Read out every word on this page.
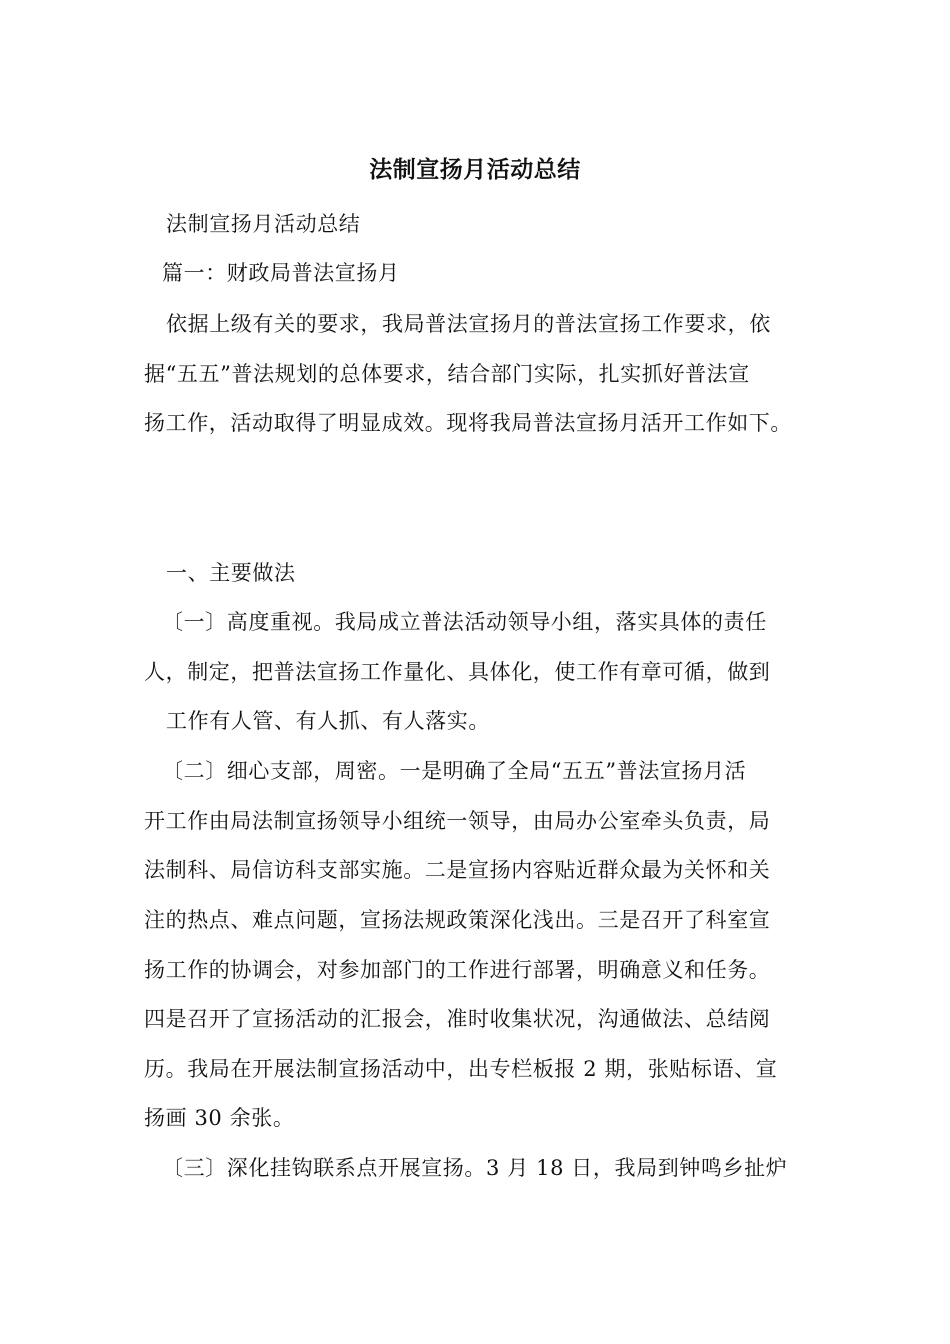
法制宣扬月活动总结
法制宣扬月活动总结
篇一：财政局普法宣扬月
依据上级有关的要求，我局普法宣扬月的普法宣扬工作要求，依
据“五五”普法规划的总体要求，结合部门实际，扎实抓好普法宣
扬工作，活动取得了明显成效。现将我局普法宣扬月活开工作如下。
一、主要做法
〔一〕高度重视。我局成立普法活动领导小组，落实具体的责任
人，制定，把普法宣扬工作量化、具体化，使工作有章可循，做到
工作有人管、有人抓、有人落实。
〔二〕细心支部，周密。一是明确了全局“五五”普法宣扬月活
开工作由局法制宣扬领导小组统一领导，由局办公室牵头负责，局
法制科、局信访科支部实施。二是宣扬内容贴近群众最为关怀和关
注的热点、难点问题，宣扬法规政策深化浅出。三是召开了科室宣
扬工作的协调会，对参加部门的工作进行部署，明确意义和任务。
四是召开了宣扬活动的汇报会，准时收集状况，沟通做法、总结阅
历。我局在开展法制宣扬活动中，出专栏板报 2 期，张贴标语、宣
扬画 30 余张。
〔三〕深化挂钩联系点开展宣扬。3 月 18 日，我局到钟鸣乡扯炉
